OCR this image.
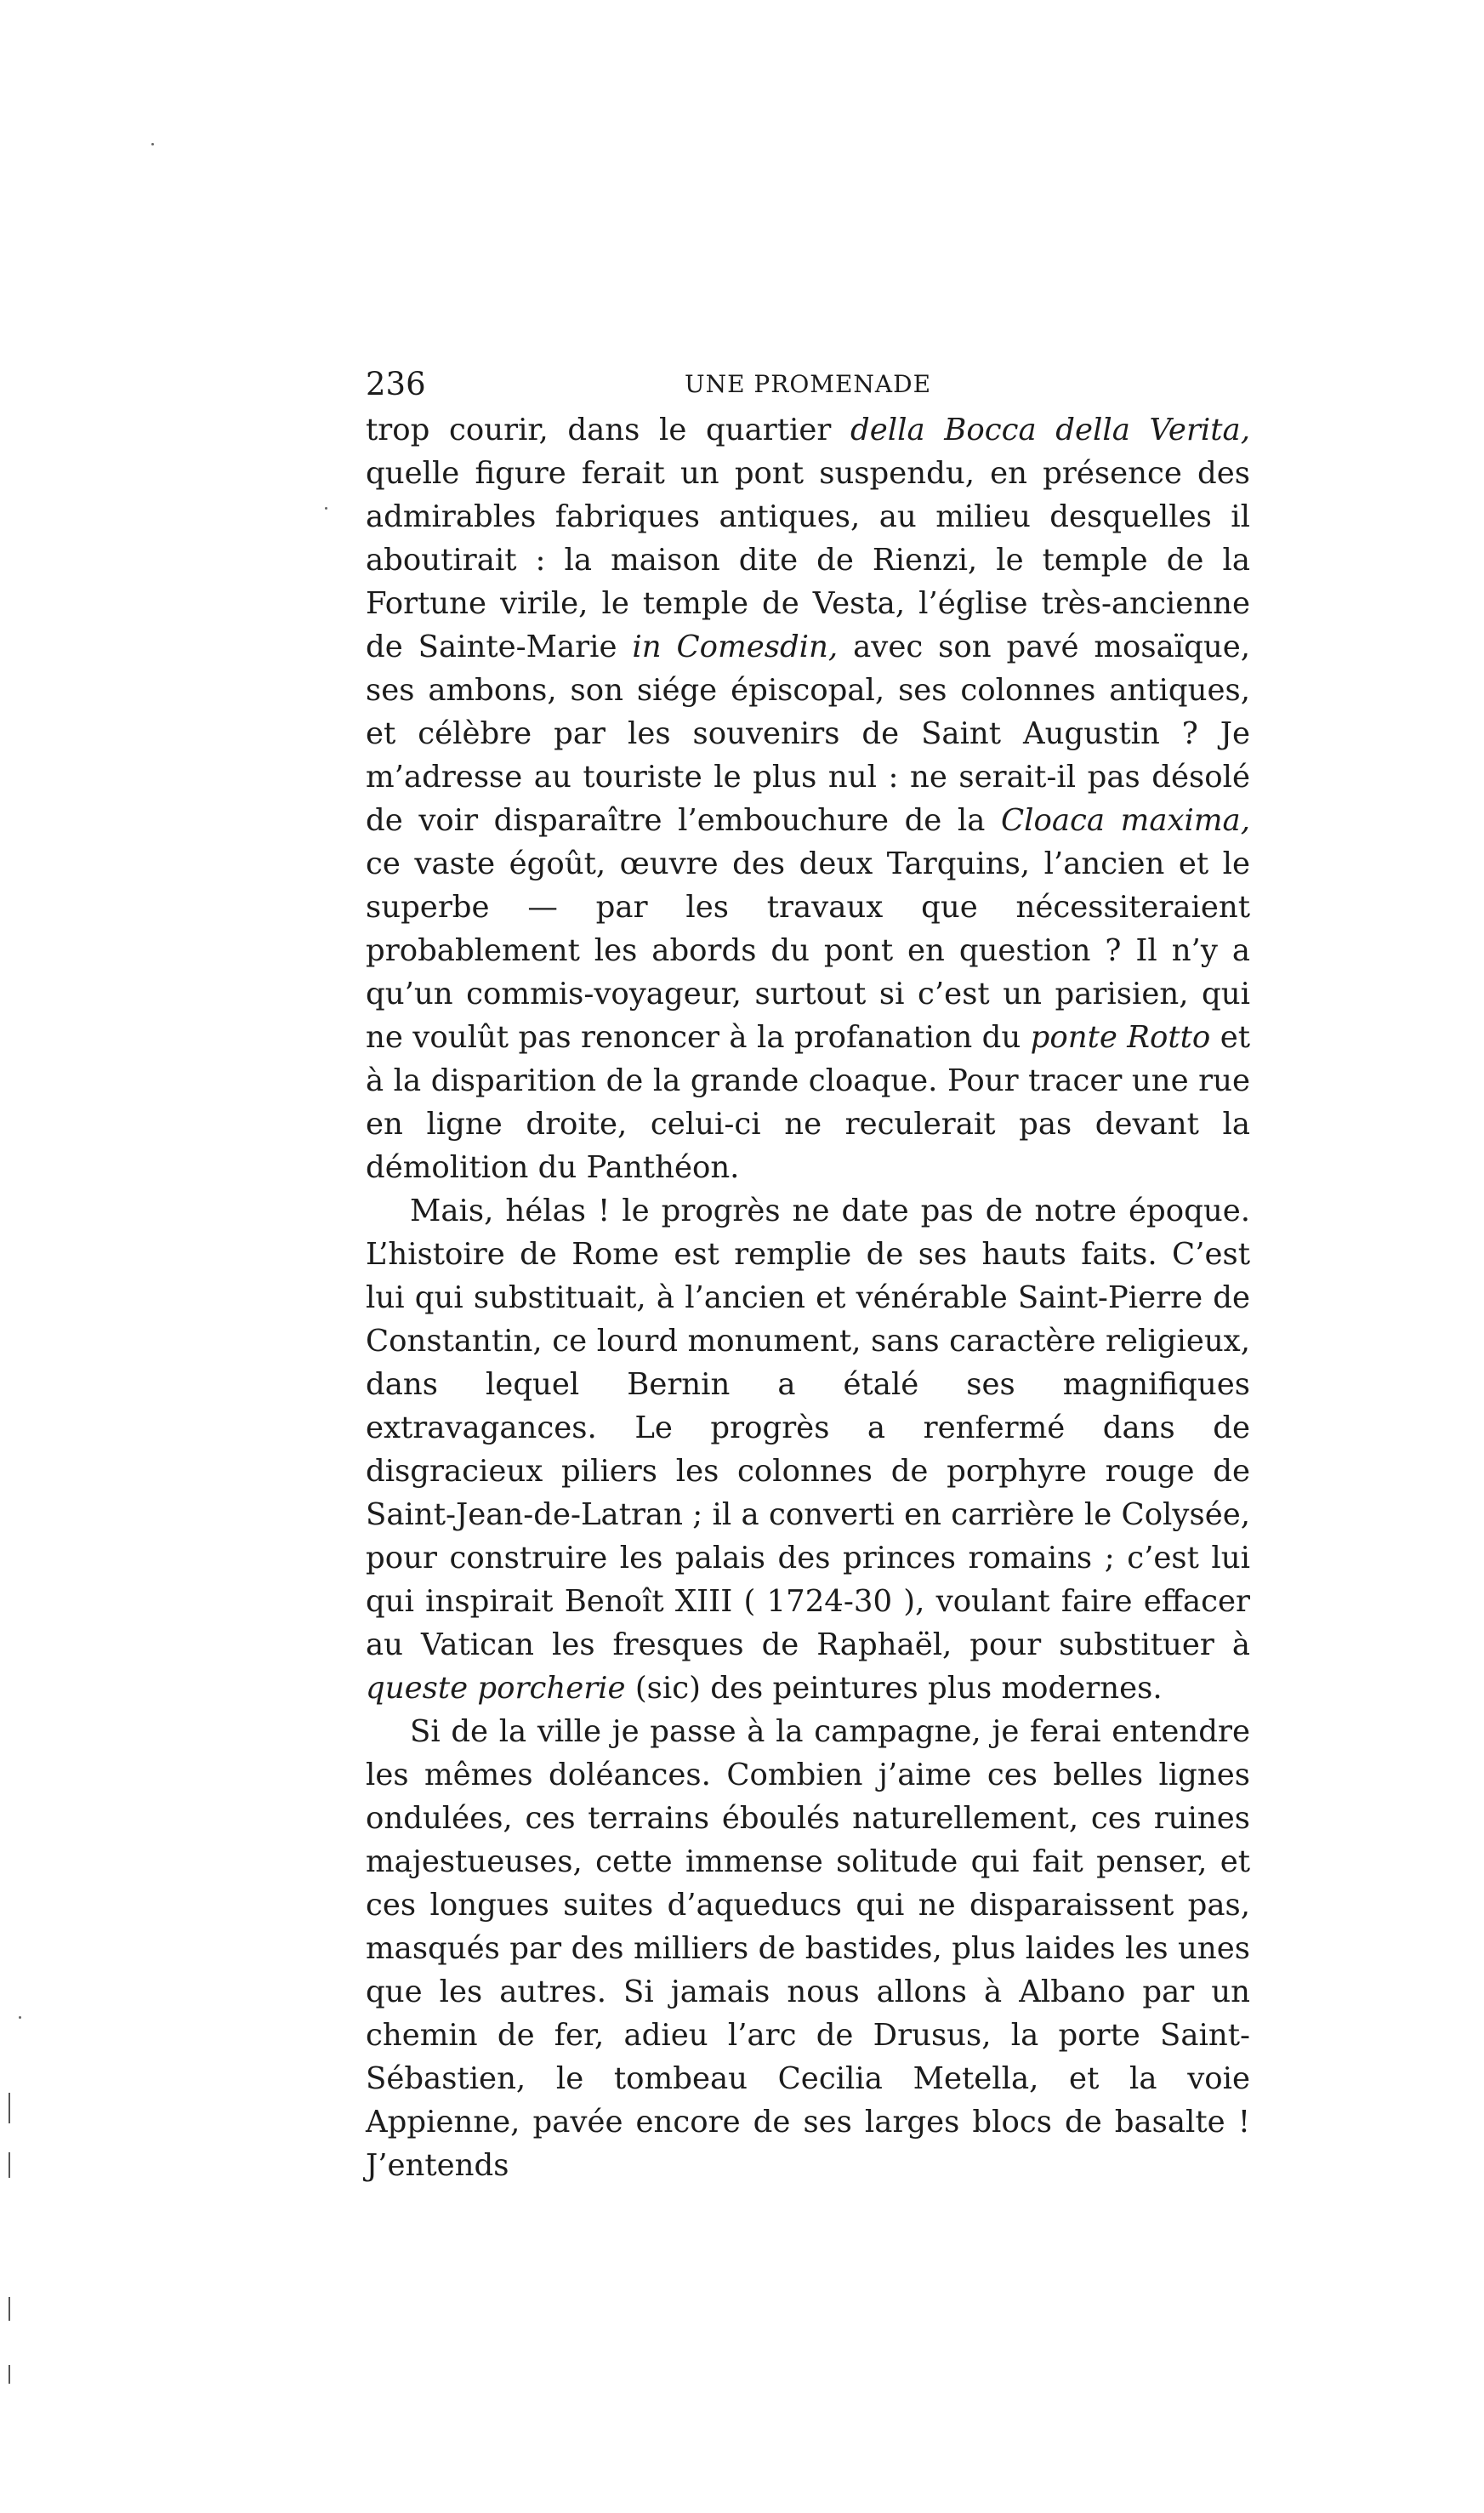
236	UNE PROMENADE

trop courir, dans le quartier della Bocca della Verita, quelle figure ferait un pont suspendu, en présence des admirables fabriques antiques, au milieu desquelles il aboutirait : la maison dite de Rienzi, le temple de la Fortune virile, le temple de Vesta, l’église très-ancienne de Sainte-Marie in Comesdin, avec son pavé mosaïque, ses ambons, son siége épiscopal, ses colonnes antiques, et célèbre par les souvenirs de Saint Augustin ? Je m’adresse au touriste le plus nul : ne serait-il pas désolé de voir disparaître l’embouchure de la Cloaca maxima, ce vaste égoût, œuvre des deux Tarquins, l’ancien et le superbe — par les travaux que nécessiteraient probablement les abords du pont en question ? Il n’y a qu’un commis-voyageur, surtout si c’est un parisien, qui ne voulût pas renoncer à la profanation du ponte Rotto et à la disparition de la grande cloaque. Pour tracer une rue en ligne droite, celui-ci ne reculerait pas devant la démolition du Panthéon.

Mais, hélas ! le progrès ne date pas de notre époque. L’histoire de Rome est remplie de ses hauts faits. C’est lui qui substituait, à l’ancien et vénérable Saint-Pierre de Constantin, ce lourd monument, sans caractère religieux, dans lequel Bernin a étalé ses magnifiques extravagances. Le progrès a renfermé dans de disgracieux piliers les colonnes de porphyre rouge de Saint-Jean-de-Latran ; il a converti en carrière le Colysée, pour construire les palais des princes romains ; c’est lui qui inspirait Benoît XIII ( 1724-30 ), voulant faire effacer au Vatican les fresques de Raphaël, pour substituer à queste porcherie (sic) des peintures plus modernes.

Si de la ville je passe à la campagne, je ferai entendre les mêmes doléances. Combien j’aime ces belles lignes ondulées, ces terrains éboulés naturellement, ces ruines majestueuses, cette immense solitude qui fait penser, et ces longues suites d’aqueducs qui ne disparaissent pas, masqués par des milliers de bastides, plus laides les unes que les autres. Si jamais nous allons à Albano par un chemin de fer, adieu l’arc de Drusus, la porte Saint-Sébastien, le tombeau Cecilia Metella, et la voie Appienne, pavée encore de ses larges blocs de basalte ! J’entends
